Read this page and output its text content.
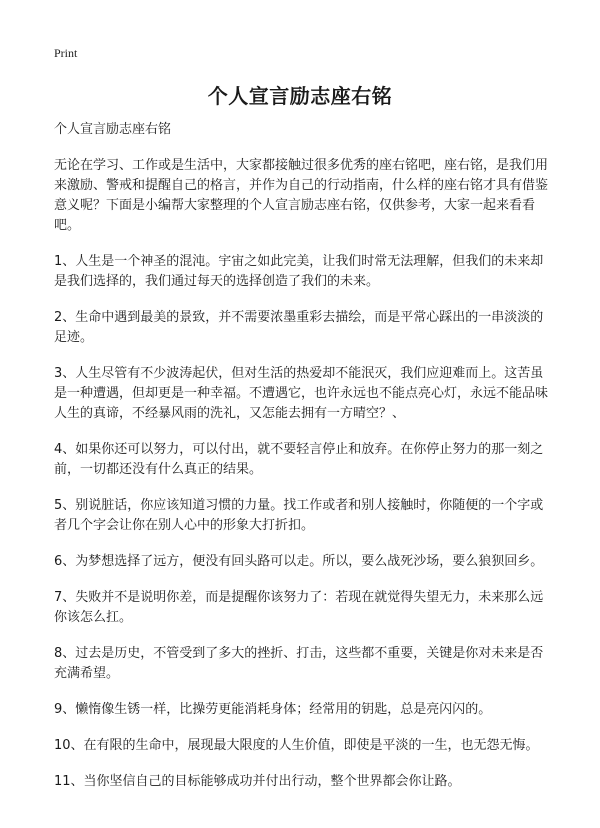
Print
个人宣言励志座右铭

个人宣言励志座右铭

无论在学习、工作或是生活中，大家都接触过很多优秀的座右铭吧，座右铭，是我们用来激励、警戒和提醒自己的格言，并作为自己的行动指南，什么样的座右铭才具有借鉴意义呢？下面是小编帮大家整理的个人宣言励志座右铭，仅供参考，大家一起来看看吧。

1、人生是一个神圣的混沌。宇宙之如此完美，让我们时常无法理解，但我们的未来却是我们选择的，我们通过每天的选择创造了我们的未来。

2、生命中遇到最美的景致，并不需要浓墨重彩去描绘，而是平常心踩出的一串淡淡的足迹。

3、人生尽管有不少波涛起伏，但对生活的热爱却不能泯灭，我们应迎难而上。这苦虽是一种遭遇，但却更是一种幸福。不遭遇它，也许永远也不能点亮心灯，永远不能品味人生的真谛，不经暴风雨的洗礼，又怎能去拥有一方晴空？、

4、如果你还可以努力，可以付出，就不要轻言停止和放弃。在你停止努力的那一刻之前，一切都还没有什么真正的结果。

5、别说脏话，你应该知道习惯的力量。找工作或者和别人接触时，你随便的一个字或者几个字会让你在别人心中的形象大打折扣。

6、为梦想选择了远方，便没有回头路可以走。所以，要么战死沙场，要么狼狈回乡。

7、失败并不是说明你差，而是提醒你该努力了：若现在就觉得失望无力，未来那么远你该怎么扛。

8、过去是历史，不管受到了多大的挫折、打击，这些都不重要，关键是你对未来是否充满希望。

9、懒惰像生锈一样，比操劳更能消耗身体；经常用的钥匙，总是亮闪闪的。

10、在有限的生命中，展现最大限度的人生价值，即使是平淡的一生，也无怨无悔。

11、当你坚信自己的目标能够成功并付出行动，整个世界都会你让路。
